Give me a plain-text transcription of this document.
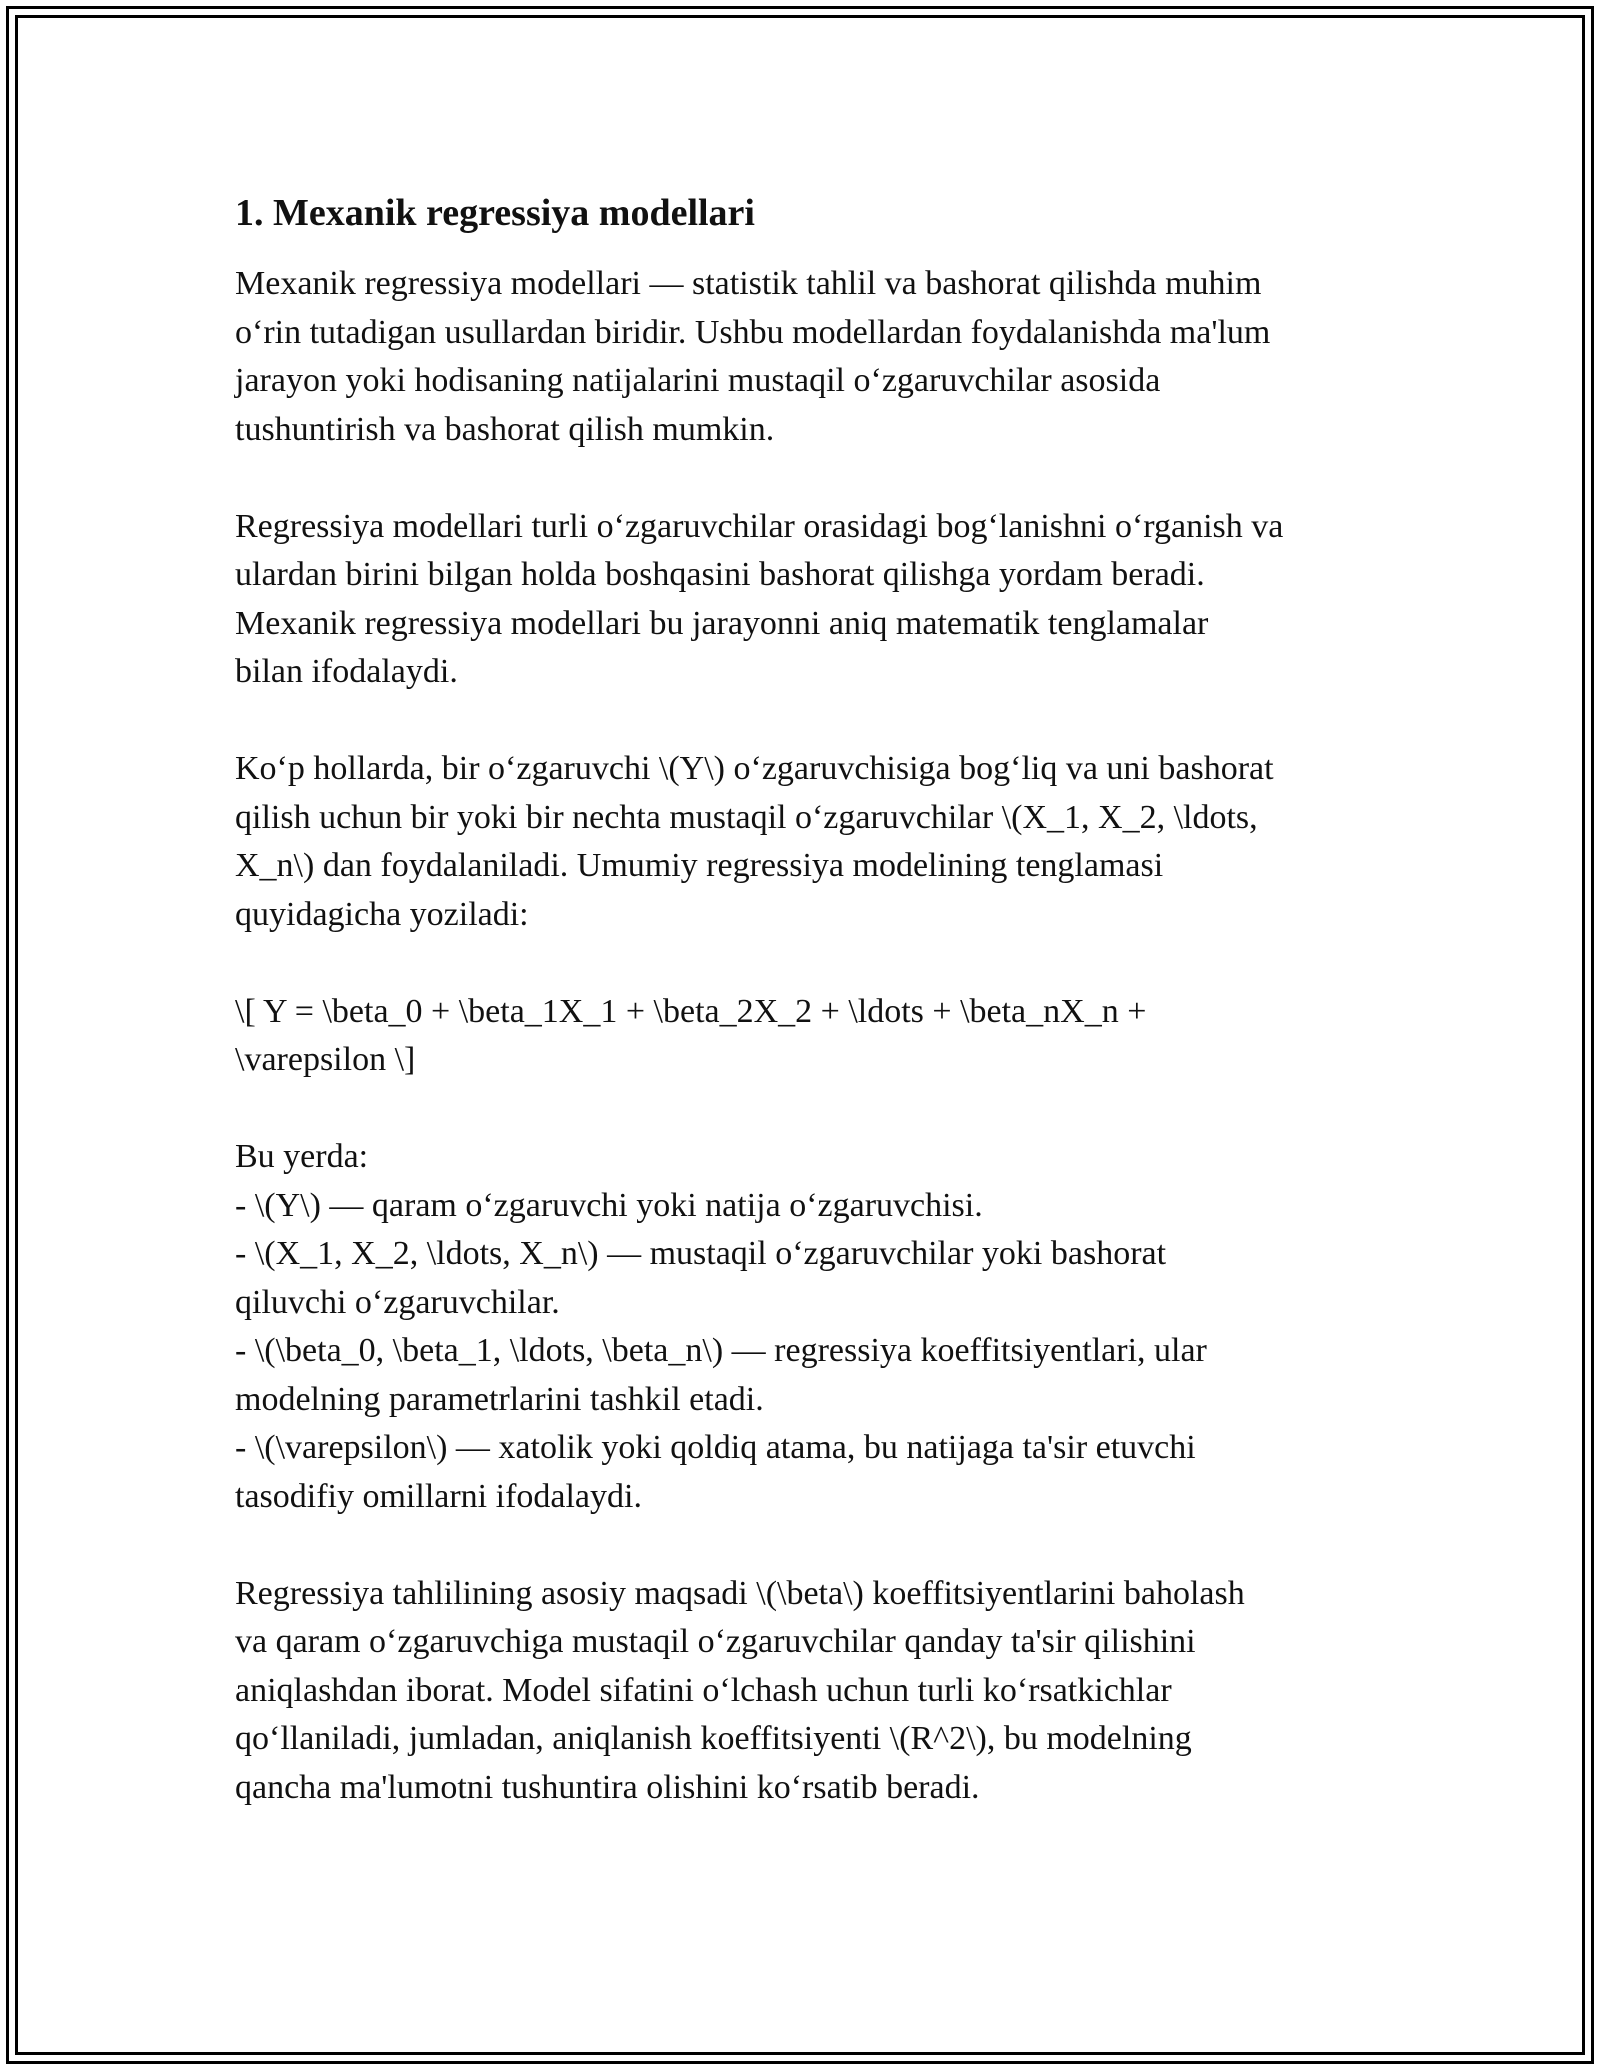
1. Mexanik regressiya modellari
Mexanik regressiya modellari — statistik tahlil va bashorat qilishda muhim
o‘rin tutadigan usullardan biridir. Ushbu modellardan foydalanishda ma'lum
jarayon yoki hodisaning natijalarini mustaqil o‘zgaruvchilar asosida
tushuntirish va bashorat qilish mumkin.
Regressiya modellari turli o‘zgaruvchilar orasidagi bog‘lanishni o‘rganish va
ulardan birini bilgan holda boshqasini bashorat qilishga yordam beradi.
Mexanik regressiya modellari bu jarayonni aniq matematik tenglamalar
bilan ifodalaydi.
Ko‘p hollarda, bir o‘zgaruvchi \(Y\) o‘zgaruvchisiga bog‘liq va uni bashorat
qilish uchun bir yoki bir nechta mustaqil o‘zgaruvchilar \(X_1, X_2, \ldots,
X_n\) dan foydalaniladi. Umumiy regressiya modelining tenglamasi
quyidagicha yoziladi:
\[ Y = \beta_0 + \beta_1X_1 + \beta_2X_2 + \ldots + \beta_nX_n +
\varepsilon \]
Bu yerda:
- \(Y\) — qaram o‘zgaruvchi yoki natija o‘zgaruvchisi.
- \(X_1, X_2, \ldots, X_n\) — mustaqil o‘zgaruvchilar yoki bashorat
qiluvchi o‘zgaruvchilar.
- \(\beta_0, \beta_1, \ldots, \beta_n\) — regressiya koeffitsiyentlari, ular
modelning parametrlarini tashkil etadi.
- \(\varepsilon\) — xatolik yoki qoldiq atama, bu natijaga ta'sir etuvchi
tasodifiy omillarni ifodalaydi.
Regressiya tahlilining asosiy maqsadi \(\beta\) koeffitsiyentlarini baholash
va qaram o‘zgaruvchiga mustaqil o‘zgaruvchilar qanday ta'sir qilishini
aniqlashdan iborat. Model sifatini o‘lchash uchun turli ko‘rsatkichlar
qo‘llaniladi, jumladan, aniqlanish koeffitsiyenti \(R^2\), bu modelning
qancha ma'lumotni tushuntira olishini ko‘rsatib beradi.
